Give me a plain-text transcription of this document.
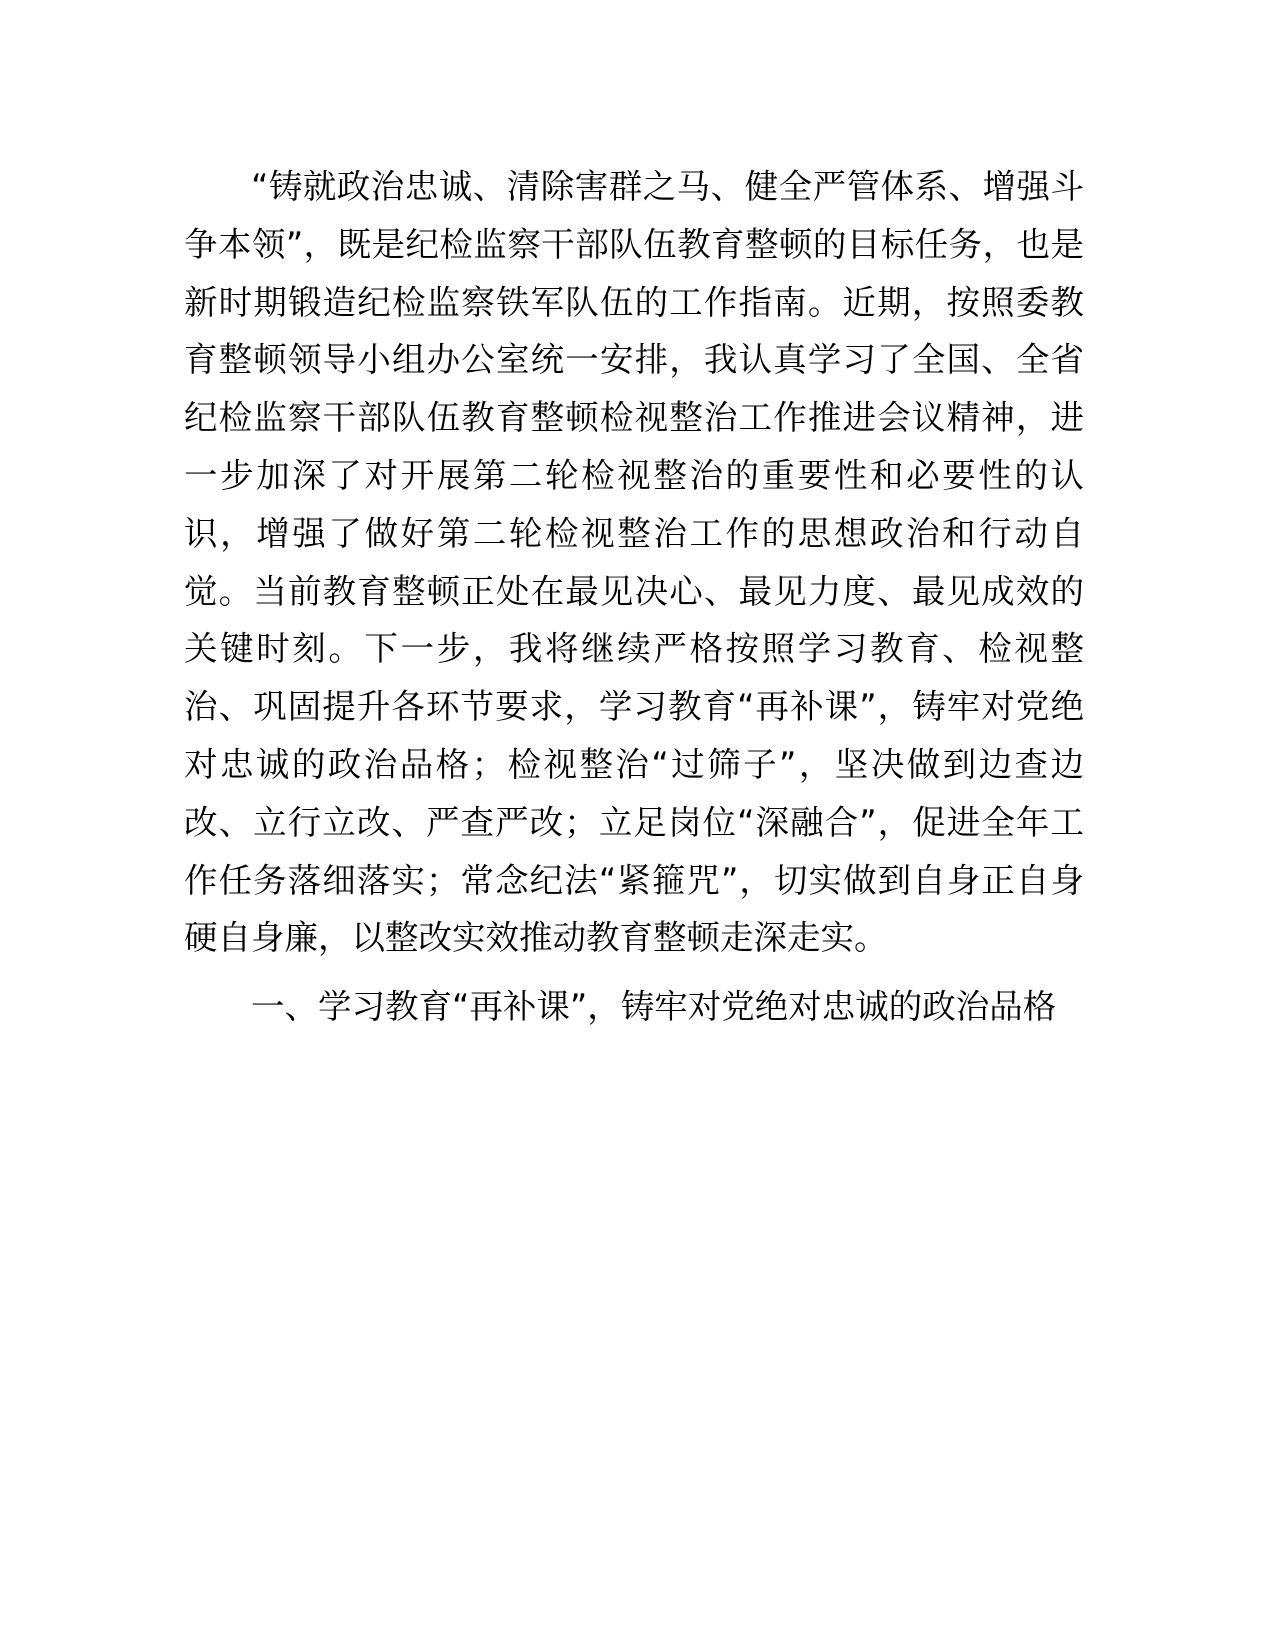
“铸就政治忠诚、清除害群之马、健全严管体系、增强斗争本领”，既是纪检监察干部队伍教育整顿的目标任务，也是新时期锻造纪检监察铁军队伍的工作指南。近期，按照委教育整顿领导小组办公室统一安排，我认真学习了全国、全省纪检监察干部队伍教育整顿检视整治工作推进会议精神，进一步加深了对开展第二轮检视整治的重要性和必要性的认识，增强了做好第二轮检视整治工作的思想政治和行动自觉。当前教育整顿正处在最见决心、最见力度、最见成效的关键时刻。下一步，我将继续严格按照学习教育、检视整治、巩固提升各环节要求，学习教育“再补课”，铸牢对党绝对忠诚的政治品格；检视整治“过筛子”，坚决做到边查边改、立行立改、严查严改；立足岗位“深融合”，促进全年工作任务落细落实；常念纪法“紧箍咒”，切实做到自身正自身硬自身廉，以整改实效推动教育整顿走深走实。

一、学习教育“再补课”，铸牢对党绝对忠诚的政治品格
